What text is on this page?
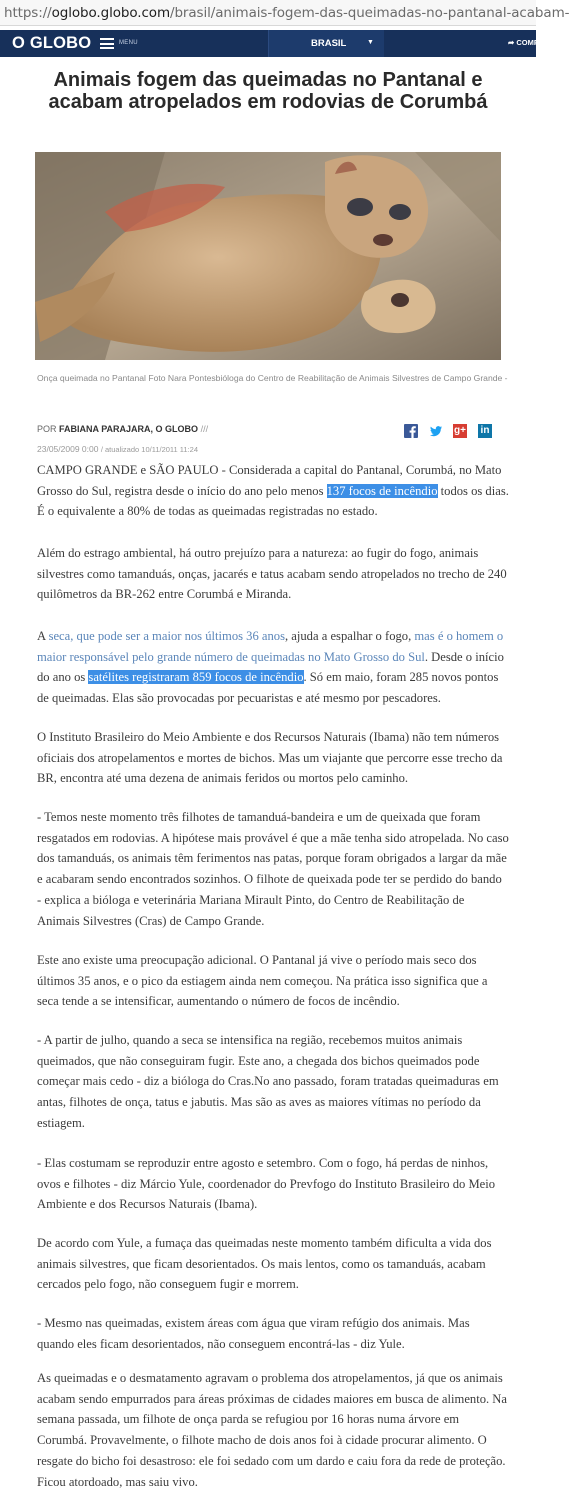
https://oglobo.globo.com/brasil/animais-fogem-das-queimadas-no-pantanal-acabam-
O GLOBO	MENU	BRASIL	▼	➦ COMPARTILHAR
Animais fogem das queimadas no Pantanal e acabam atropelados em rodovias de Corumbá
Onça queimada no Pantanal Foto Nara Pontesbióloga do Centro de Reabilitação de Animais Silvestres de Campo Grande -
POR FABIANA PARAJARA, O GLOBO ///
23/05/2009 0:00 / atualizado 10/11/2011 11:24
g+ in

CAMPO GRANDE e SÃO PAULO - Considerada a capital do Pantanal, Corumbá, no Mato Grosso do Sul, registra desde o início do ano pelo menos 137 focos de incêndio todos os dias. É o equivalente a 80% de todas as queimadas registradas no estado.

Além do estrago ambiental, há outro prejuízo para a natureza: ao fugir do fogo, animais silvestres como tamanduás, onças, jacarés e tatus acabam sendo atropelados no trecho de 240 quilômetros da BR-262 entre Corumbá e Miranda.

A seca, que pode ser a maior nos últimos 36 anos, ajuda a espalhar o fogo, mas é o homem o maior responsável pelo grande número de queimadas no Mato Grosso do Sul. Desde o início do ano os satélites registraram 859 focos de incêndio. Só em maio, foram 285 novos pontos de queimadas. Elas são provocadas por pecuaristas e até mesmo por pescadores.

O Instituto Brasileiro do Meio Ambiente e dos Recursos Naturais (Ibama) não tem números oficiais dos atropelamentos e mortes de bichos. Mas um viajante que percorre esse trecho da BR, encontra até uma dezena de animais feridos ou mortos pelo caminho.

- Temos neste momento três filhotes de tamanduá-bandeira e um de queixada que foram resgatados em rodovias. A hipótese mais provável é que a mãe tenha sido atropelada. No caso dos tamanduás, os animais têm ferimentos nas patas, porque foram obrigados a largar da mãe e acabaram sendo encontrados sozinhos. O filhote de queixada pode ter se perdido do bando - explica a bióloga e veterinária Mariana Mirault Pinto, do Centro de Reabilitação de Animais Silvestres (Cras) de Campo Grande.

Este ano existe uma preocupação adicional. O Pantanal já vive o período mais seco dos últimos 35 anos, e o pico da estiagem ainda nem começou. Na prática isso significa que a seca tende a se intensificar, aumentando o número de focos de incêndio.

- A partir de julho, quando a seca se intensifica na região, recebemos muitos animais queimados, que não conseguiram fugir. Este ano, a chegada dos bichos queimados pode começar mais cedo - diz a bióloga do Cras.No ano passado, foram tratadas queimaduras em antas, filhotes de onça, tatus e jabutis. Mas são as aves as maiores vítimas no período da estiagem.

- Elas costumam se reproduzir entre agosto e setembro. Com o fogo, há perdas de ninhos, ovos e filhotes - diz Márcio Yule, coordenador do Prevfogo do Instituto Brasileiro do Meio Ambiente e dos Recursos Naturais (Ibama).

De acordo com Yule, a fumaça das queimadas neste momento também dificulta a vida dos animais silvestres, que ficam desorientados. Os mais lentos, como os tamanduás, acabam cercados pelo fogo, não conseguem fugir e morrem.

- Mesmo nas queimadas, existem áreas com água que viram refúgio dos animais. Mas quando eles ficam desorientados, não conseguem encontrá-las - diz Yule.

As queimadas e o desmatamento agravam o problema dos atropelamentos, já que os animais acabam sendo empurrados para áreas próximas de cidades maiores em busca de alimento. Na semana passada, um filhote de onça parda se refugiou por 16 horas numa árvore em Corumbá. Provavelmente, o filhote macho de dois anos foi à cidade procurar alimento. O resgate do bicho foi desastroso: ele foi sedado com um dardo e caiu fora da rede de proteção. Ficou atordoado, mas saiu vivo.
